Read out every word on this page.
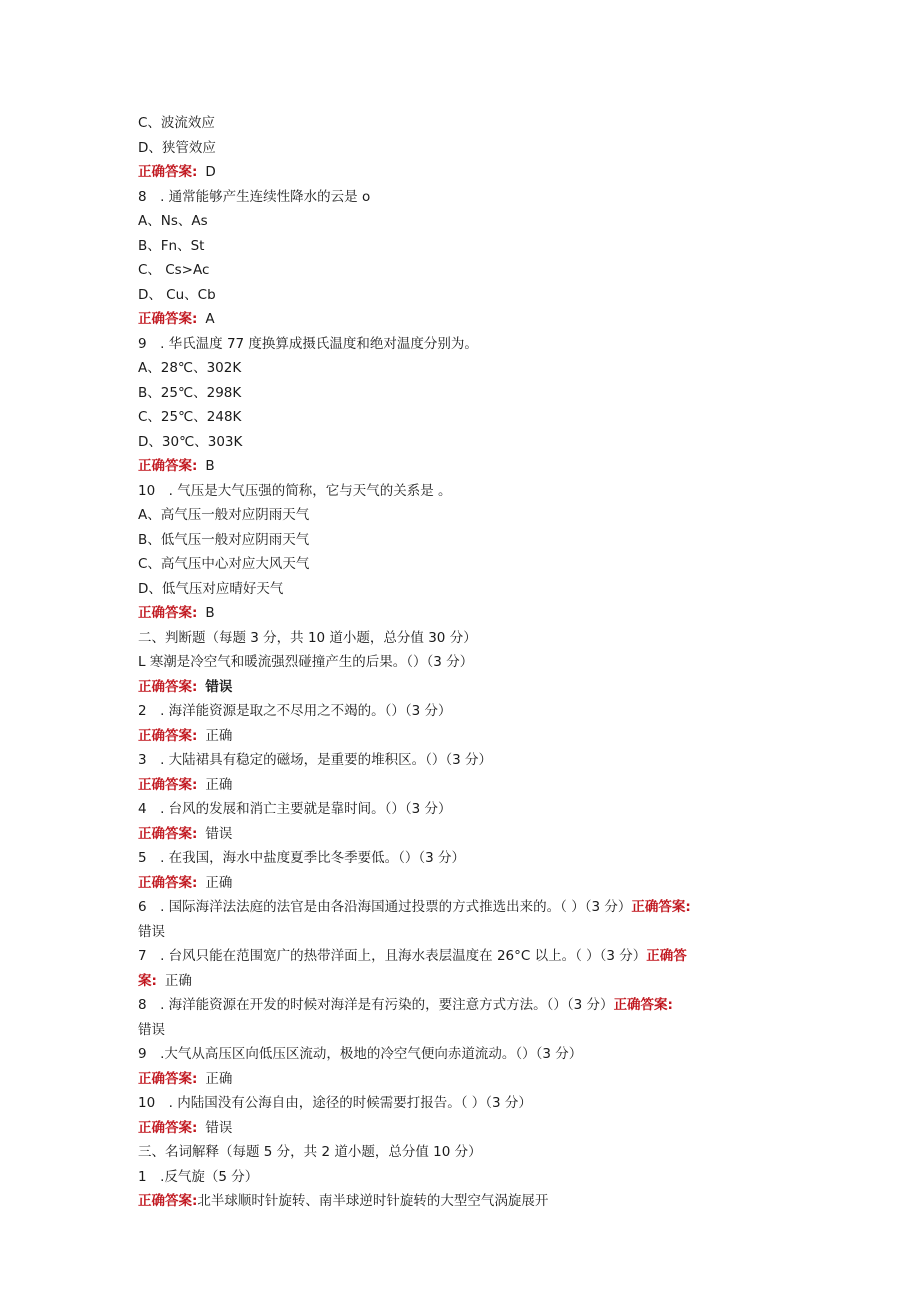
C、波流效应
D、狭管效应
正确答案: D
8　. 通常能够产生连续性降水的云是 o
A、Ns、As
B、Fn、St
C、 Cs>Ac
D、 Cu、Cb
正确答案: A
9　. 华氏温度 77 度换算成摄氏温度和绝对温度分别为。
A、28℃、302K
B、25℃、298K
C、25℃、248K
D、30℃、303K
正确答案: B
10　. 气压是大气压强的简称，它与天气的关系是 。
A、高气压一般对应阴雨天气
B、低气压一般对应阴雨天气
C、高气压中心对应大风天气
D、低气压对应晴好天气
正确答案: B
二、判断题（每题 3 分，共 10 道小题，总分值 30 分）
L 寒潮是冷空气和暖流强烈碰撞产生的后果。（）（3 分）
正确答案: 错误
2　. 海洋能资源是取之不尽用之不竭的。（）（3 分）
正确答案: 正确
3　. 大陆裙具有稳定的磁场，是重要的堆积区。（）（3 分）
正确答案: 正确
4　. 台风的发展和消亡主要就是靠时间。（）（3 分）
正确答案: 错误
5　. 在我国，海水中盐度夏季比冬季要低。（）（3 分）
正确答案: 正确
6　. 国际海洋法法庭的法官是由各沿海国通过投票的方式推选出来的。（ ）（3 分）正确答案:
错误
7　. 台风只能在范围宽广的热带洋面上，且海水表层温度在 26°C 以上。（ ）（3 分）正确答
案: 正确
8　. 海洋能资源在开发的时候对海洋是有污染的，要注意方式方法。（）（3 分）正确答案:
错误
9　.大气从高压区向低压区流动，极地的冷空气便向赤道流动。（）（3 分）
正确答案: 正确
10　. 内陆国没有公海自由，途径的时候需要打报告。（ ）（3 分）
正确答案: 错误
三、名词解释（每题 5 分，共 2 道小题，总分值 10 分）
1　.反气旋（5 分）
正确答案:北半球顺时针旋转、南半球逆时针旋转的大型空气涡旋展开
